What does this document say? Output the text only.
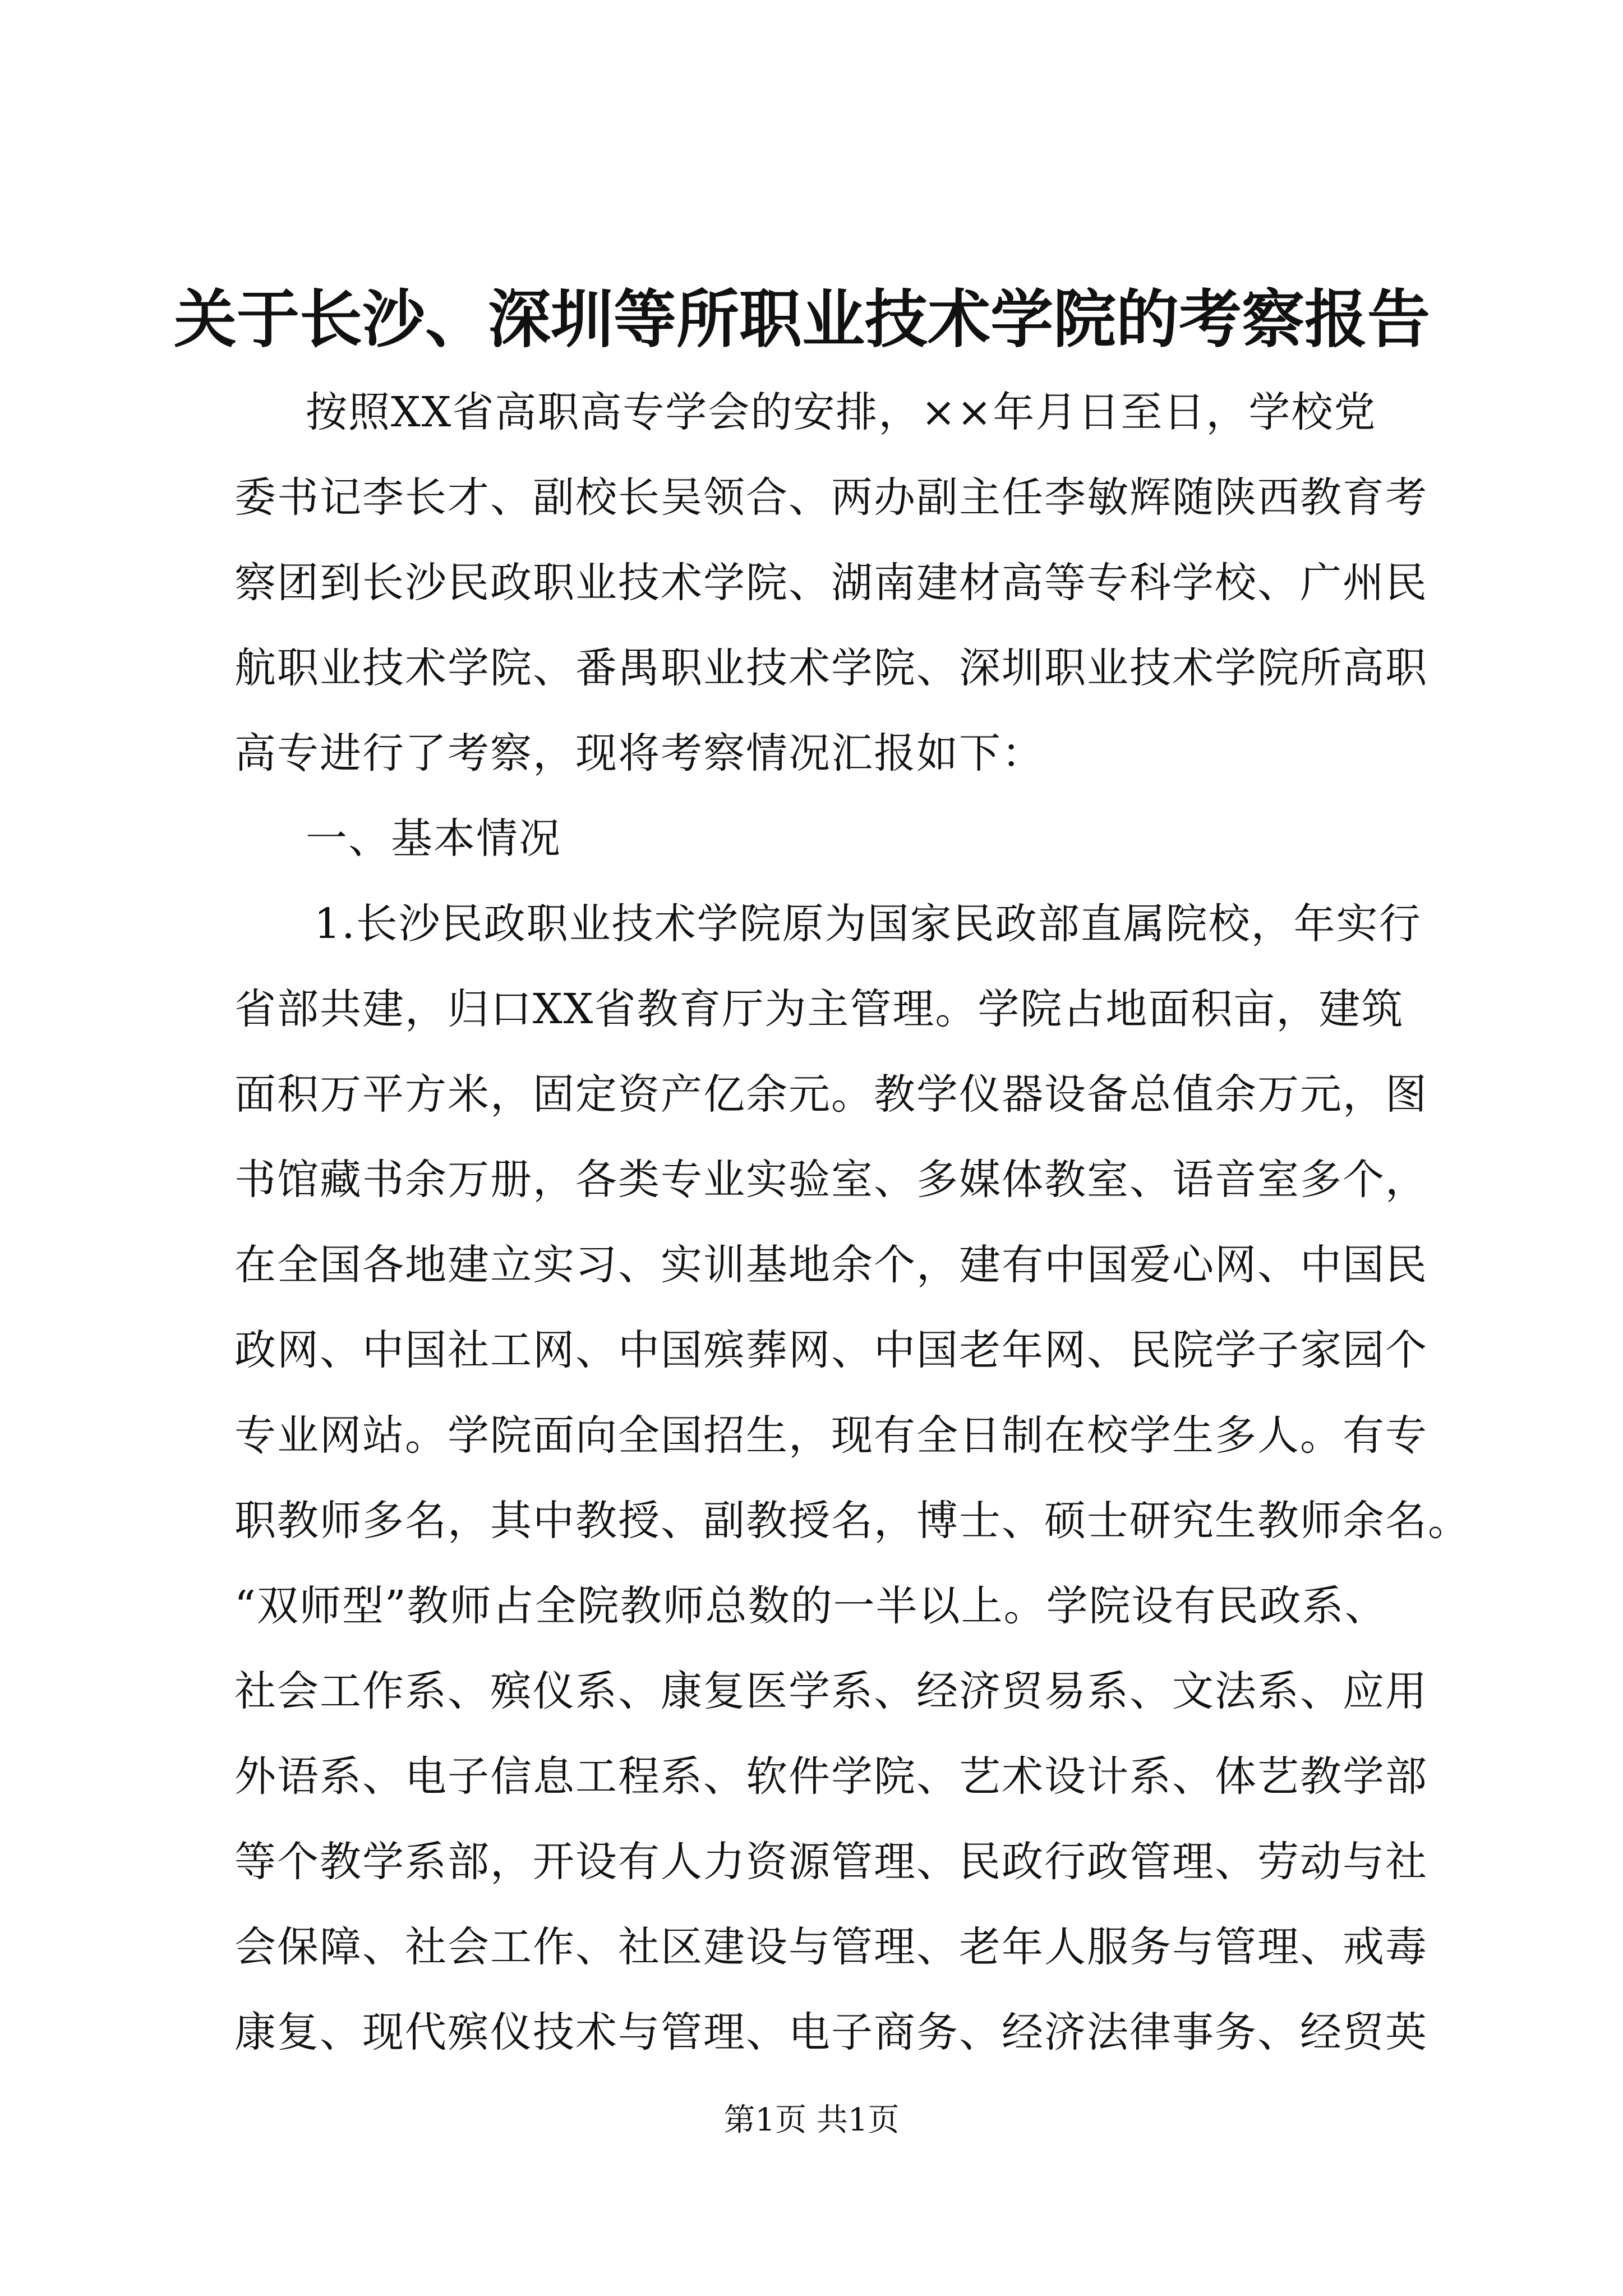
关于长沙、深圳等所职业技术学院的考察报告
按照XX省高职高专学会的安排，××年月日至日，学校党
委书记李长才、副校长吴领合、两办副主任李敏辉随陕西教育考
察团到长沙民政职业技术学院、湖南建材高等专科学校、广州民
航职业技术学院、番禺职业技术学院、深圳职业技术学院所高职
高专进行了考察，现将考察情况汇报如下：
一、基本情况
1.长沙民政职业技术学院原为国家民政部直属院校，年实行
省部共建，归口XX省教育厅为主管理。学院占地面积亩，建筑
面积万平方米，固定资产亿余元。教学仪器设备总值余万元，图
书馆藏书余万册，各类专业实验室、多媒体教室、语音室多个，
在全国各地建立实习、实训基地余个，建有中国爱心网、中国民
政网、中国社工网、中国殡葬网、中国老年网、民院学子家园个
专业网站。学院面向全国招生，现有全日制在校学生多人。有专
职教师多名，其中教授、副教授名，博士、硕士研究生教师余名。
“双师型”教师占全院教师总数的一半以上。学院设有民政系、
社会工作系、殡仪系、康复医学系、经济贸易系、文法系、应用
外语系、电子信息工程系、软件学院、艺术设计系、体艺教学部
等个教学系部，开设有人力资源管理、民政行政管理、劳动与社
会保障、社会工作、社区建设与管理、老年人服务与管理、戒毒
康复、现代殡仪技术与管理、电子商务、经济法律事务、经贸英
第1页 共1页
